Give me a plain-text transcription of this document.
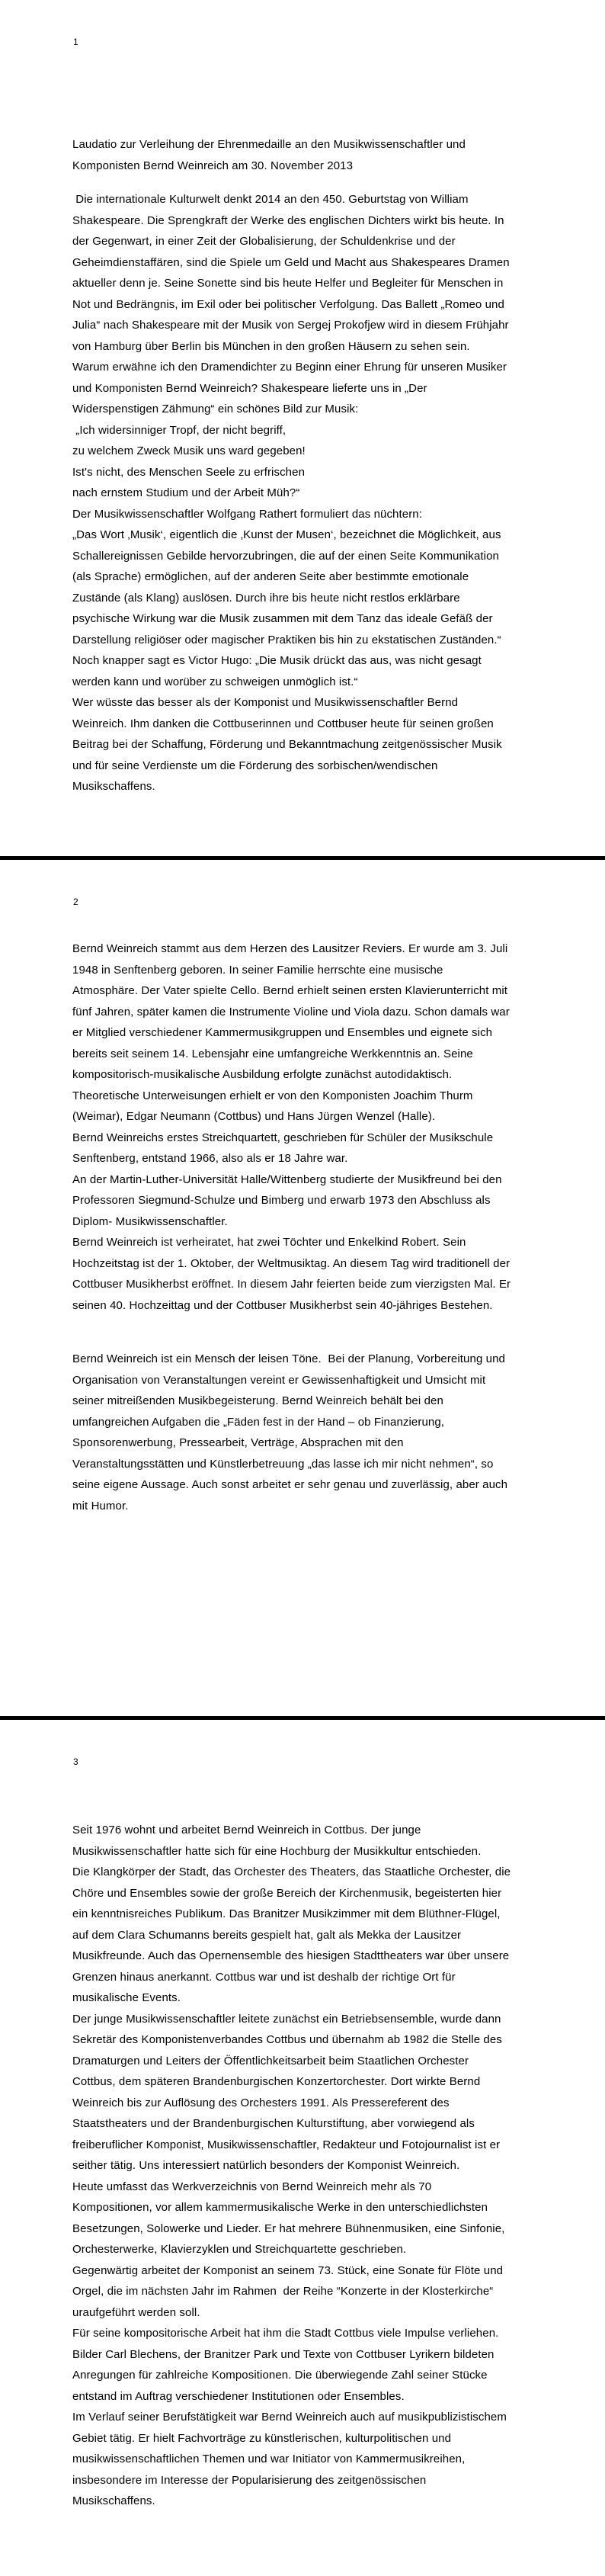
1
Laudatio zur Verleihung der Ehrenmedaille an den Musikwissenschaftler und
Komponisten Bernd Weinreich am 30. November 2013
Die internationale Kulturwelt denkt 2014 an den 450. Geburtstag von William
Shakespeare. Die Sprengkraft der Werke des englischen Dichters wirkt bis heute. In
der Gegenwart, in einer Zeit der Globalisierung, der Schuldenkrise und der
Geheimdienstaffären, sind die Spiele um Geld und Macht aus Shakespeares Dramen
aktueller denn je. Seine Sonette sind bis heute Helfer und Begleiter für Menschen in
Not und Bedrängnis, im Exil oder bei politischer Verfolgung. Das Ballett „Romeo und
Julia“ nach Shakespeare mit der Musik von Sergej Prokofjew wird in diesem Frühjahr
von Hamburg über Berlin bis München in den großen Häusern zu sehen sein.
Warum erwähne ich den Dramendichter zu Beginn einer Ehrung für unseren Musiker
und Komponisten Bernd Weinreich? Shakespeare lieferte uns in „Der
Widerspenstigen Zähmung“ ein schönes Bild zur Musik:
„Ich widersinniger Tropf, der nicht begriff,
zu welchem Zweck Musik uns ward gegeben!
Ist's nicht, des Menschen Seele zu erfrischen
nach ernstem Studium und der Arbeit Müh?“
Der Musikwissenschaftler Wolfgang Rathert formuliert das nüchtern:
„Das Wort ‚Musik‘, eigentlich die ‚Kunst der Musen‘, bezeichnet die Möglichkeit, aus
Schallereignissen Gebilde hervorzubringen, die auf der einen Seite Kommunikation
(als Sprache) ermöglichen, auf der anderen Seite aber bestimmte emotionale
Zustände (als Klang) auslösen. Durch ihre bis heute nicht restlos erklärbare
psychische Wirkung war die Musik zusammen mit dem Tanz das ideale Gefäß der
Darstellung religiöser oder magischer Praktiken bis hin zu ekstatischen Zuständen.“
Noch knapper sagt es Victor Hugo: „Die Musik drückt das aus, was nicht gesagt
werden kann und worüber zu schweigen unmöglich ist.“
Wer wüsste das besser als der Komponist und Musikwissenschaftler Bernd
Weinreich. Ihm danken die Cottbuserinnen und Cottbuser heute für seinen großen
Beitrag bei der Schaffung, Förderung und Bekanntmachung zeitgenössischer Musik
und für seine Verdienste um die Förderung des sorbischen/wendischen
Musikschaffens.
2
Bernd Weinreich stammt aus dem Herzen des Lausitzer Reviers. Er wurde am 3. Juli
1948 in Senftenberg geboren. In seiner Familie herrschte eine musische
Atmosphäre. Der Vater spielte Cello. Bernd erhielt seinen ersten Klavierunterricht mit
fünf Jahren, später kamen die Instrumente Violine und Viola dazu. Schon damals war
er Mitglied verschiedener Kammermusikgruppen und Ensembles und eignete sich
bereits seit seinem 14. Lebensjahr eine umfangreiche Werkkenntnis an. Seine
kompositorisch-musikalische Ausbildung erfolgte zunächst autodidaktisch.
Theoretische Unterweisungen erhielt er von den Komponisten Joachim Thurm
(Weimar), Edgar Neumann (Cottbus) und Hans Jürgen Wenzel (Halle).
Bernd Weinreichs erstes Streichquartett, geschrieben für Schüler der Musikschule
Senftenberg, entstand 1966, also als er 18 Jahre war.
An der Martin-Luther-Universität Halle/Wittenberg studierte der Musikfreund bei den
Professoren Siegmund-Schulze und Bimberg und erwarb 1973 den Abschluss als
Diplom- Musikwissenschaftler.
Bernd Weinreich ist verheiratet, hat zwei Töchter und Enkelkind Robert. Sein
Hochzeitstag ist der 1. Oktober, der Weltmusiktag. An diesem Tag wird traditionell der
Cottbuser Musikherbst eröffnet. In diesem Jahr feierten beide zum vierzigsten Mal. Er
seinen 40. Hochzeittag und der Cottbuser Musikherbst sein 40-jähriges Bestehen.
Bernd Weinreich ist ein Mensch der leisen Töne.  Bei der Planung, Vorbereitung und
Organisation von Veranstaltungen vereint er Gewissenhaftigkeit und Umsicht mit
seiner mitreißenden Musikbegeisterung. Bernd Weinreich behält bei den
umfangreichen Aufgaben die „Fäden fest in der Hand – ob Finanzierung,
Sponsorenwerbung, Pressearbeit, Verträge, Absprachen mit den
Veranstaltungsstätten und Künstlerbetreuung „das lasse ich mir nicht nehmen“, so
seine eigene Aussage. Auch sonst arbeitet er sehr genau und zuverlässig, aber auch
mit Humor.
3
Seit 1976 wohnt und arbeitet Bernd Weinreich in Cottbus. Der junge
Musikwissenschaftler hatte sich für eine Hochburg der Musikkultur entschieden.
Die Klangkörper der Stadt, das Orchester des Theaters, das Staatliche Orchester, die
Chöre und Ensembles sowie der große Bereich der Kirchenmusik, begeisterten hier
ein kenntnisreiches Publikum. Das Branitzer Musikzimmer mit dem Blüthner-Flügel,
auf dem Clara Schumanns bereits gespielt hat, galt als Mekka der Lausitzer
Musikfreunde. Auch das Opernensemble des hiesigen Stadttheaters war über unsere
Grenzen hinaus anerkannt. Cottbus war und ist deshalb der richtige Ort für
musikalische Events.
Der junge Musikwissenschaftler leitete zunächst ein Betriebsensemble, wurde dann
Sekretär des Komponistenverbandes Cottbus und übernahm ab 1982 die Stelle des
Dramaturgen und Leiters der Öffentlichkeitsarbeit beim Staatlichen Orchester
Cottbus, dem späteren Brandenburgischen Konzertorchester. Dort wirkte Bernd
Weinreich bis zur Auflösung des Orchesters 1991. Als Pressereferent des
Staatstheaters und der Brandenburgischen Kulturstiftung, aber vorwiegend als
freiberuflicher Komponist, Musikwissenschaftler, Redakteur und Fotojournalist ist er
seither tätig. Uns interessiert natürlich besonders der Komponist Weinreich.
Heute umfasst das Werkverzeichnis von Bernd Weinreich mehr als 70
Kompositionen, vor allem kammermusikalische Werke in den unterschiedlichsten
Besetzungen, Solowerke und Lieder. Er hat mehrere Bühnenmusiken, eine Sinfonie,
Orchesterwerke, Klavierzyklen und Streichquartette geschrieben.
Gegenwärtig arbeitet der Komponist an seinem 73. Stück, eine Sonate für Flöte und
Orgel, die im nächsten Jahr im Rahmen  der Reihe “Konzerte in der Klosterkirche“
uraufgeführt werden soll.
Für seine kompositorische Arbeit hat ihm die Stadt Cottbus viele Impulse verliehen.
Bilder Carl Blechens, der Branitzer Park und Texte von Cottbuser Lyrikern bildeten
Anregungen für zahlreiche Kompositionen. Die überwiegende Zahl seiner Stücke
entstand im Auftrag verschiedener Institutionen oder Ensembles.
Im Verlauf seiner Berufstätigkeit war Bernd Weinreich auch auf musikpublizistischem
Gebiet tätig. Er hielt Fachvorträge zu künstlerischen, kulturpolitischen und
musikwissenschaftlichen Themen und war Initiator von Kammermusikreihen,
insbesondere im Interesse der Popularisierung des zeitgenössischen
Musikschaffens.
